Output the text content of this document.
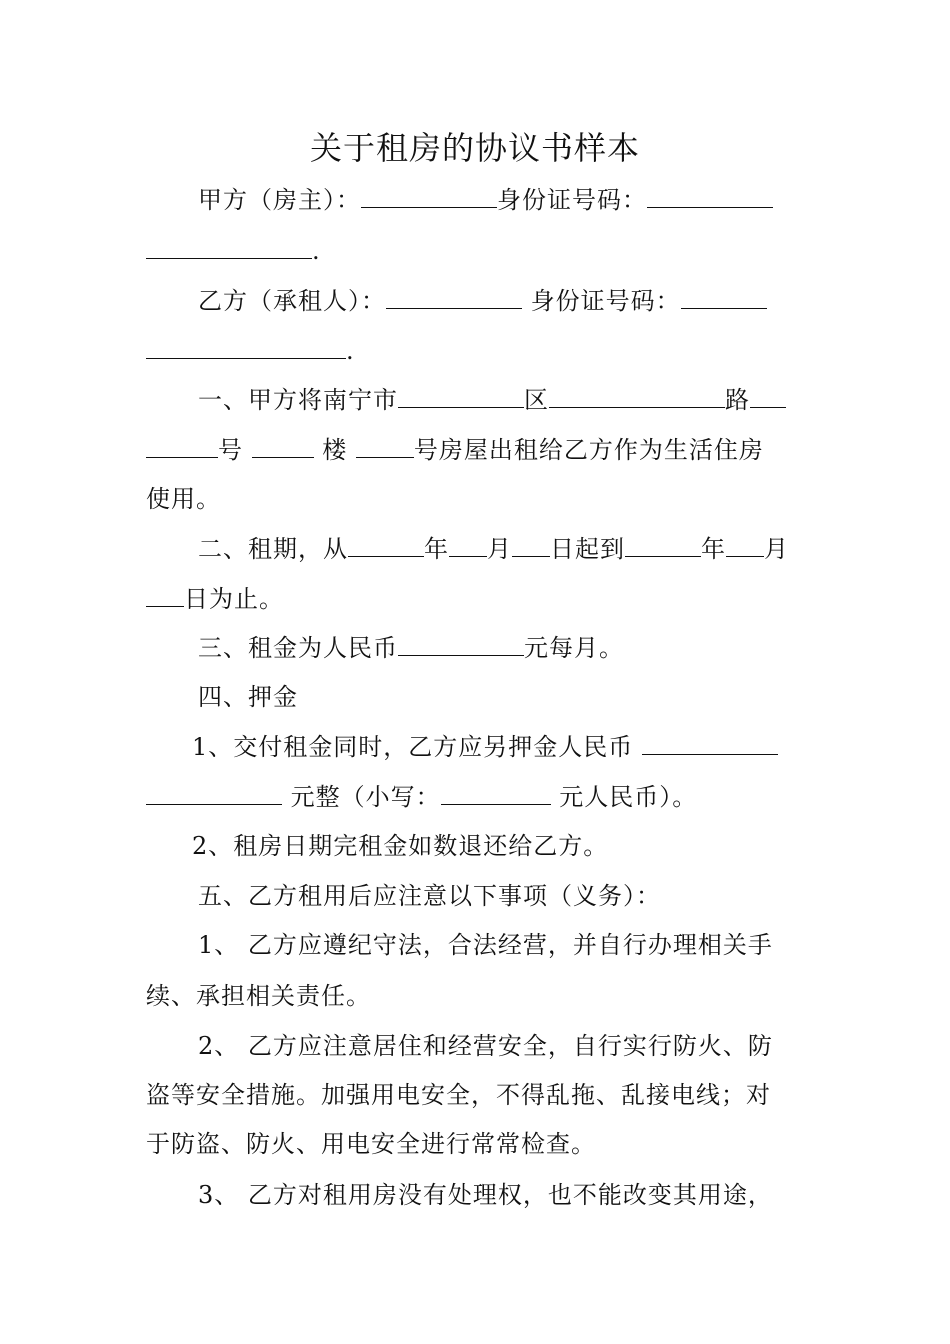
关于租房的协议书样本

甲方（房主）：	身份证号码：

.

乙方（承租人）：	身份证号码：

.

一、甲方将南宁市	区	路

号	楼	号房屋出租给乙方作为生活住房

使用。

二、租期，从	年 月 日起到	年 月

日为止。

三、租金为人民币	元每月。

四、押金

1、交付租金同时，乙方应另押金人民币

元整（小写：	元人民币）。

2、租房日期完租金如数退还给乙方。

五、乙方租用后应注意以下事项（义务）：

1、 乙方应遵纪守法，合法经营，并自行办理相关手

续、承担相关责任。

2、 乙方应注意居住和经营安全，自行实行防火、防

盗等安全措施。加强用电安全，不得乱拖、乱接电线；对

于防盗、防火、用电安全进行常常检查。

3、 乙方对租用房没有处理权，也不能改变其用途，
